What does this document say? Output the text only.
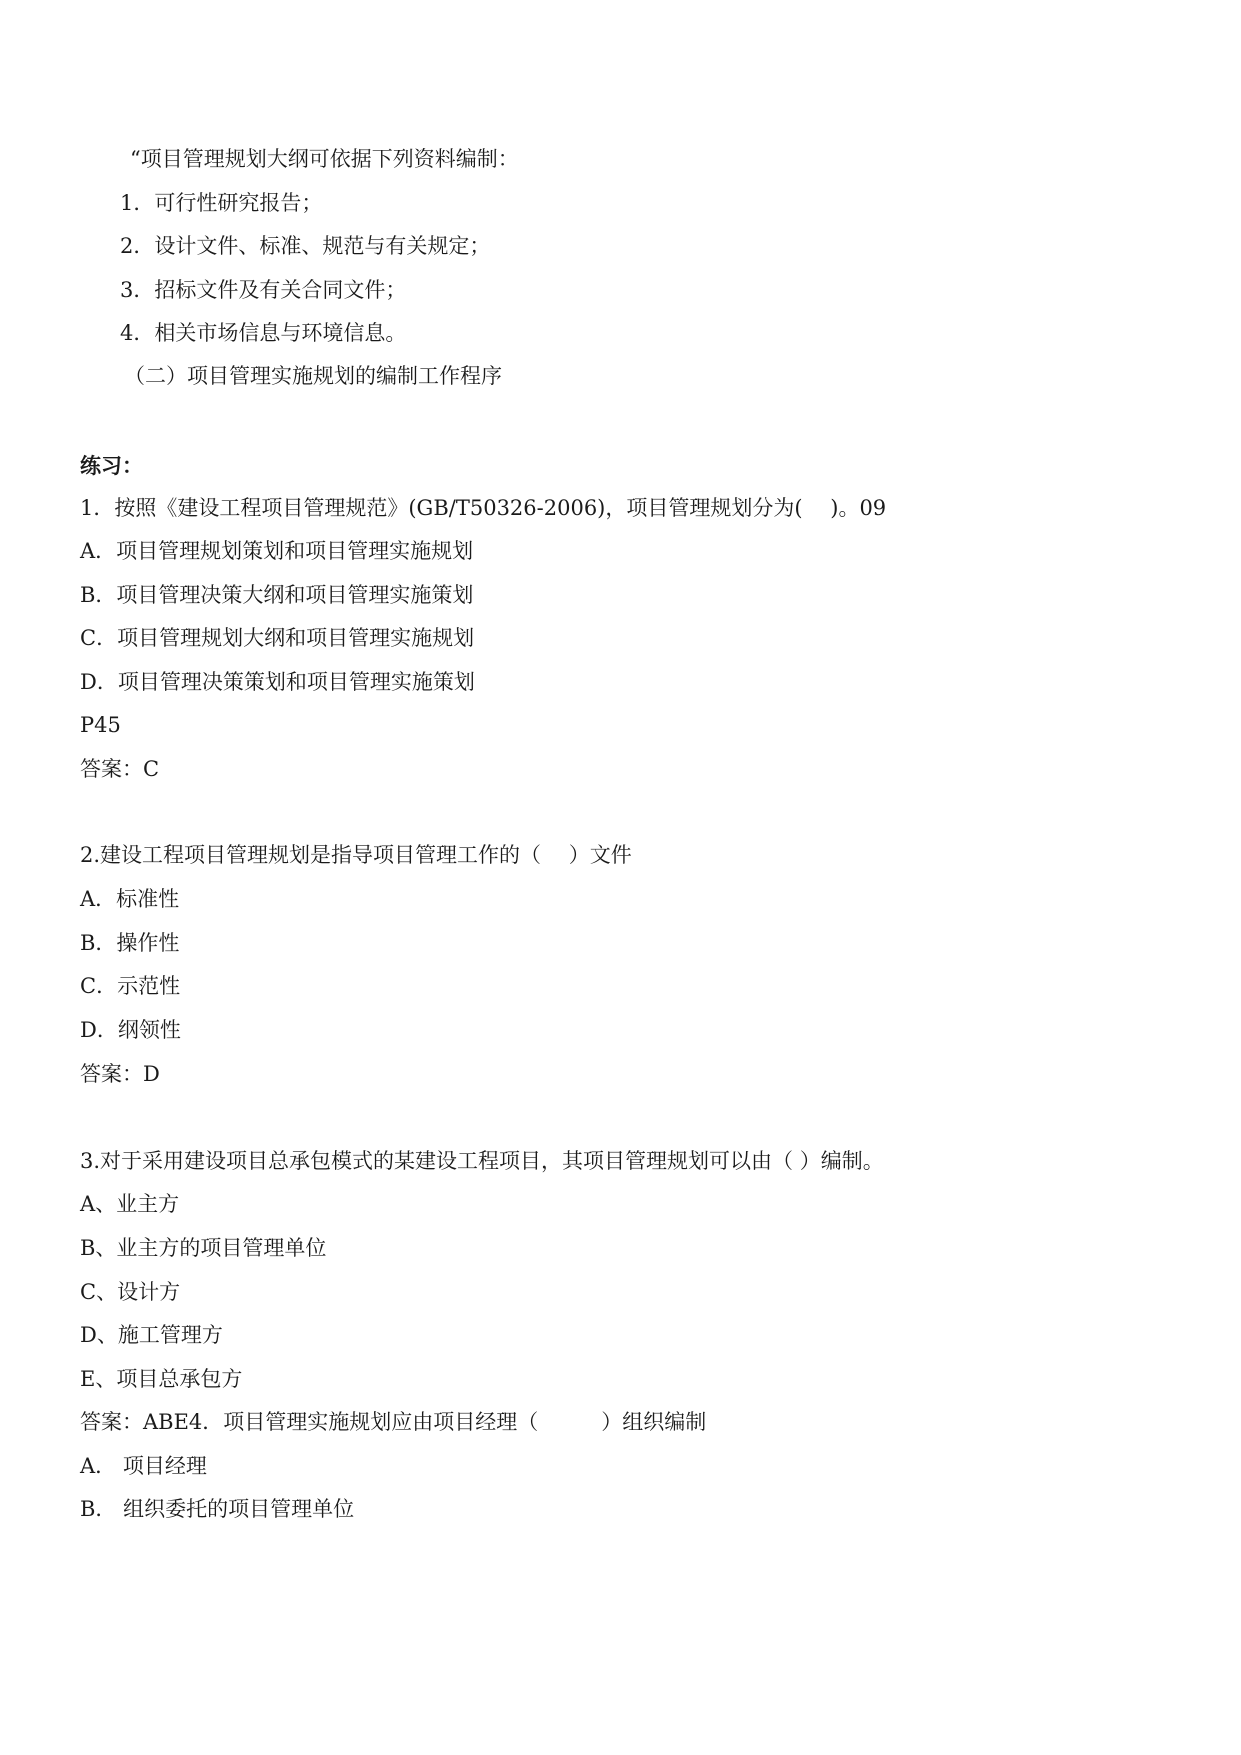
“项目管理规划大纲可依据下列资料编制：
1．可行性研究报告；
2．设计文件、标准、规范与有关规定；
3．招标文件及有关合同文件；
4．相关市场信息与环境信息。
（二）项目管理实施规划的编制工作程序
练习：
1．按照《建设工程项目管理规范》(GB/T50326-2006)，项目管理规划分为(　 )。09
A．项目管理规划策划和项目管理实施规划
B．项目管理决策大纲和项目管理实施策划
C．项目管理规划大纲和项目管理实施规划
D．项目管理决策策划和项目管理实施策划
P45
答案：C
2.建设工程项目管理规划是指导项目管理工作的（　 ）文件
A．标准性
B．操作性
C．示范性
D．纲领性
答案：D
3.对于采用建设项目总承包模式的某建设工程项目，其项目管理规划可以由（ ）编制。
A、业主方
B、业主方的项目管理单位
C、设计方
D、施工管理方
E、项目总承包方
答案：ABE4．项目管理实施规划应由项目经理（　　　）组织编制
A． 项目经理
B． 组织委托的项目管理单位
